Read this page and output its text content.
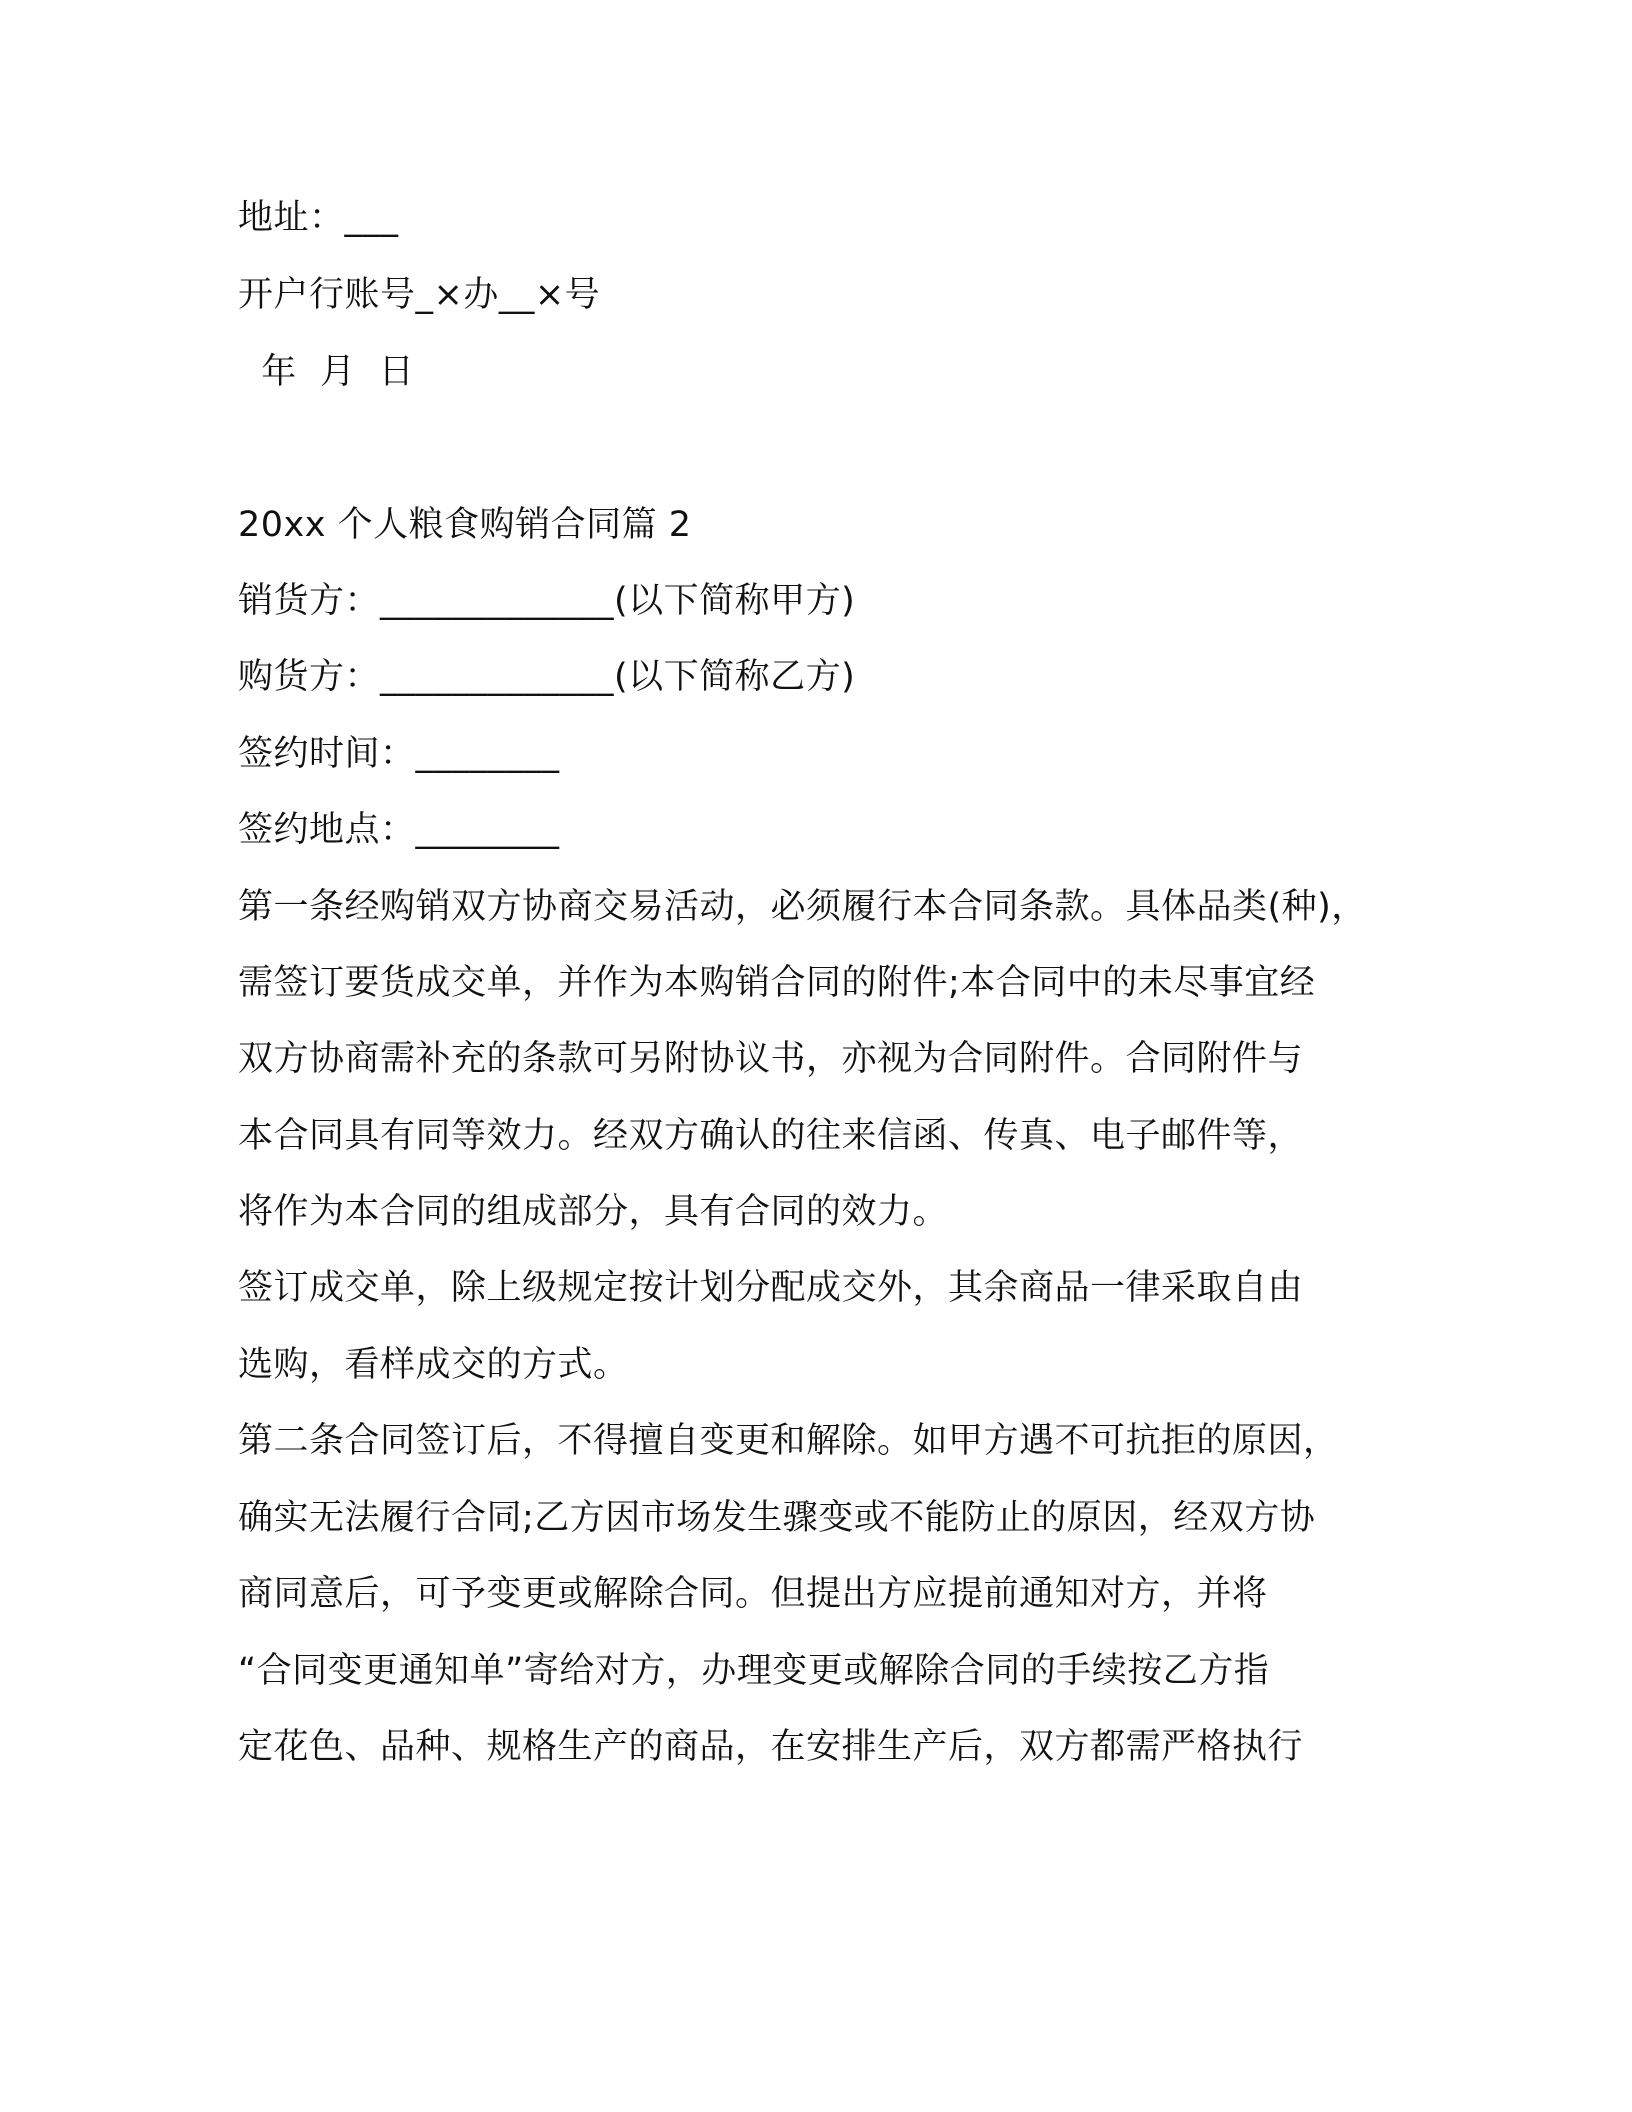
地址：___
开户行账号_×办__×号
年  月  日
20xx 个人粮食购销合同篇 2
销货方：_____________(以下简称甲方)
购货方：_____________(以下简称乙方)
签约时间：________
签约地点：________
第一条经购销双方协商交易活动，必须履行本合同条款。具体品类(种)，
需签订要货成交单，并作为本购销合同的附件;本合同中的未尽事宜经
双方协商需补充的条款可另附协议书，亦视为合同附件。合同附件与
本合同具有同等效力。经双方确认的往来信函、传真、电子邮件等，
将作为本合同的组成部分，具有合同的效力。
签订成交单，除上级规定按计划分配成交外，其余商品一律采取自由
选购，看样成交的方式。
第二条合同签订后，不得擅自变更和解除。如甲方遇不可抗拒的原因，
确实无法履行合同;乙方因市场发生骤变或不能防止的原因，经双方协
商同意后，可予变更或解除合同。但提出方应提前通知对方，并将
“合同变更通知单”寄给对方，办理变更或解除合同的手续按乙方指
定花色、品种、规格生产的商品，在安排生产后，双方都需严格执行
